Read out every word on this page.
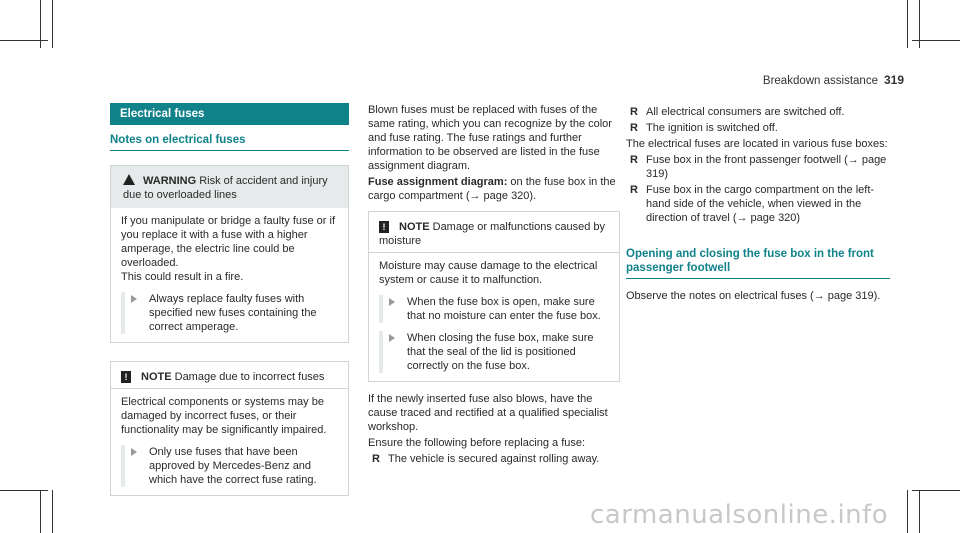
Breakdown assistance 319
Electrical fuses
Notes on electrical fuses
WARNING Risk of accident and injury due to overloaded lines

If you manipulate or bridge a faulty fuse or if you replace it with a fuse with a higher amperage, the electric line could be overloaded.

This could result in a fire.

Always replace faulty fuses with specified new fuses containing the correct amperage.
! NOTE Damage due to incorrect fuses

Electrical components or systems may be damaged by incorrect fuses, or their functionality may be significantly impaired.

Only use fuses that have been approved by Mercedes-Benz and which have the correct fuse rating.

Blown fuses must be replaced with fuses of the same rating, which you can recognize by the color and fuse rating. The fuse ratings and further information to be observed are listed in the fuse assignment diagram.

Fuse assignment diagram: on the fuse box in the cargo compartment (→ page 320).

! NOTE Damage or malfunctions caused by moisture

Moisture may cause damage to the electrical system or cause it to malfunction.

When the fuse box is open, make sure that no moisture can enter the fuse box.
When closing the fuse box, make sure that the seal of the lid is positioned correctly on the fuse box.

If the newly inserted fuse also blows, have the cause traced and rectified at a qualified specialist workshop.

Ensure the following before replacing a fuse:

R The vehicle is secured against rolling away.
R All electrical consumers are switched off.
R The ignition is switched off.

The electrical fuses are located in various fuse boxes:

R Fuse box in the front passenger footwell (→ page 319)
R Fuse box in the cargo compartment on the left-hand side of the vehicle, when viewed in the direction of travel (→ page 320)
Opening and closing the fuse box in the front passenger footwell

Observe the notes on electrical fuses (→ page 319).

carmanualsonline.info
